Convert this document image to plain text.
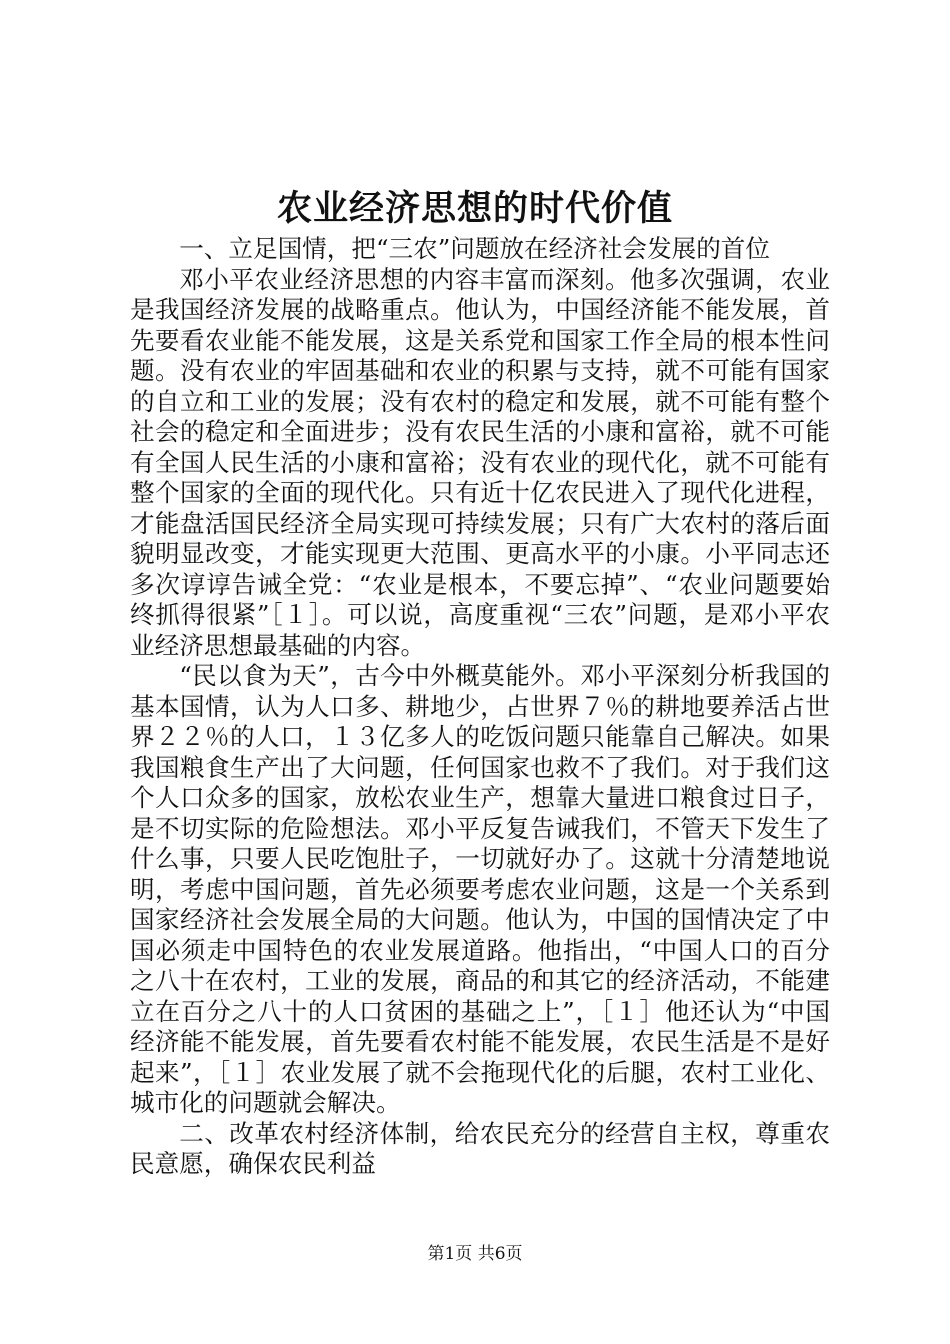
农业经济思想的时代价值

一、立足国情，把“三农”问题放在经济社会发展的首位

邓小平农业经济思想的内容丰富而深刻。他多次强调，农业是我国经济发展的战略重点。他认为，中国经济能不能发展，首先要看农业能不能发展，这是关系党和国家工作全局的根本性问题。没有农业的牢固基础和农业的积累与支持，就不可能有国家的自立和工业的发展；没有农村的稳定和发展，就不可能有整个社会的稳定和全面进步；没有农民生活的小康和富裕，就不可能有全国人民生活的小康和富裕；没有农业的现代化，就不可能有整个国家的全面的现代化。只有近十亿农民进入了现代化进程，才能盘活国民经济全局实现可持续发展；只有广大农村的落后面貌明显改变，才能实现更大范围、更高水平的小康。小平同志还多次谆谆告诫全党：“农业是根本，不要忘掉”、“农业问题要始终抓得很紧”［１］。可以说，高度重视“三农”问题，是邓小平农业经济思想最基础的内容。

“民以食为天”，古今中外概莫能外。邓小平深刻分析我国的基本国情，认为人口多、耕地少，占世界７％的耕地要养活占世界２２％的人口，１３亿多人的吃饭问题只能靠自己解决。如果我国粮食生产出了大问题，任何国家也救不了我们。对于我们这个人口众多的国家，放松农业生产，想靠大量进口粮食过日子，是不切实际的危险想法。邓小平反复告诫我们，不管天下发生了什么事，只要人民吃饱肚子，一切就好办了。这就十分清楚地说明，考虑中国问题，首先必须要考虑农业问题，这是一个关系到国家经济社会发展全局的大问题。他认为，中国的国情决定了中国必须走中国特色的农业发展道路。他指出，“中国人口的百分之八十在农村，工业的发展，商品的和其它的经济活动，不能建立在百分之八十的人口贫困的基础之上”，［１］他还认为“中国经济能不能发展，首先要看农村能不能发展，农民生活是不是好起来”，［１］农业发展了就不会拖现代化的后腿，农村工业化、城市化的问题就会解决。

二、改革农村经济体制，给农民充分的经营自主权，尊重农民意愿，确保农民利益

第1页 共6页
